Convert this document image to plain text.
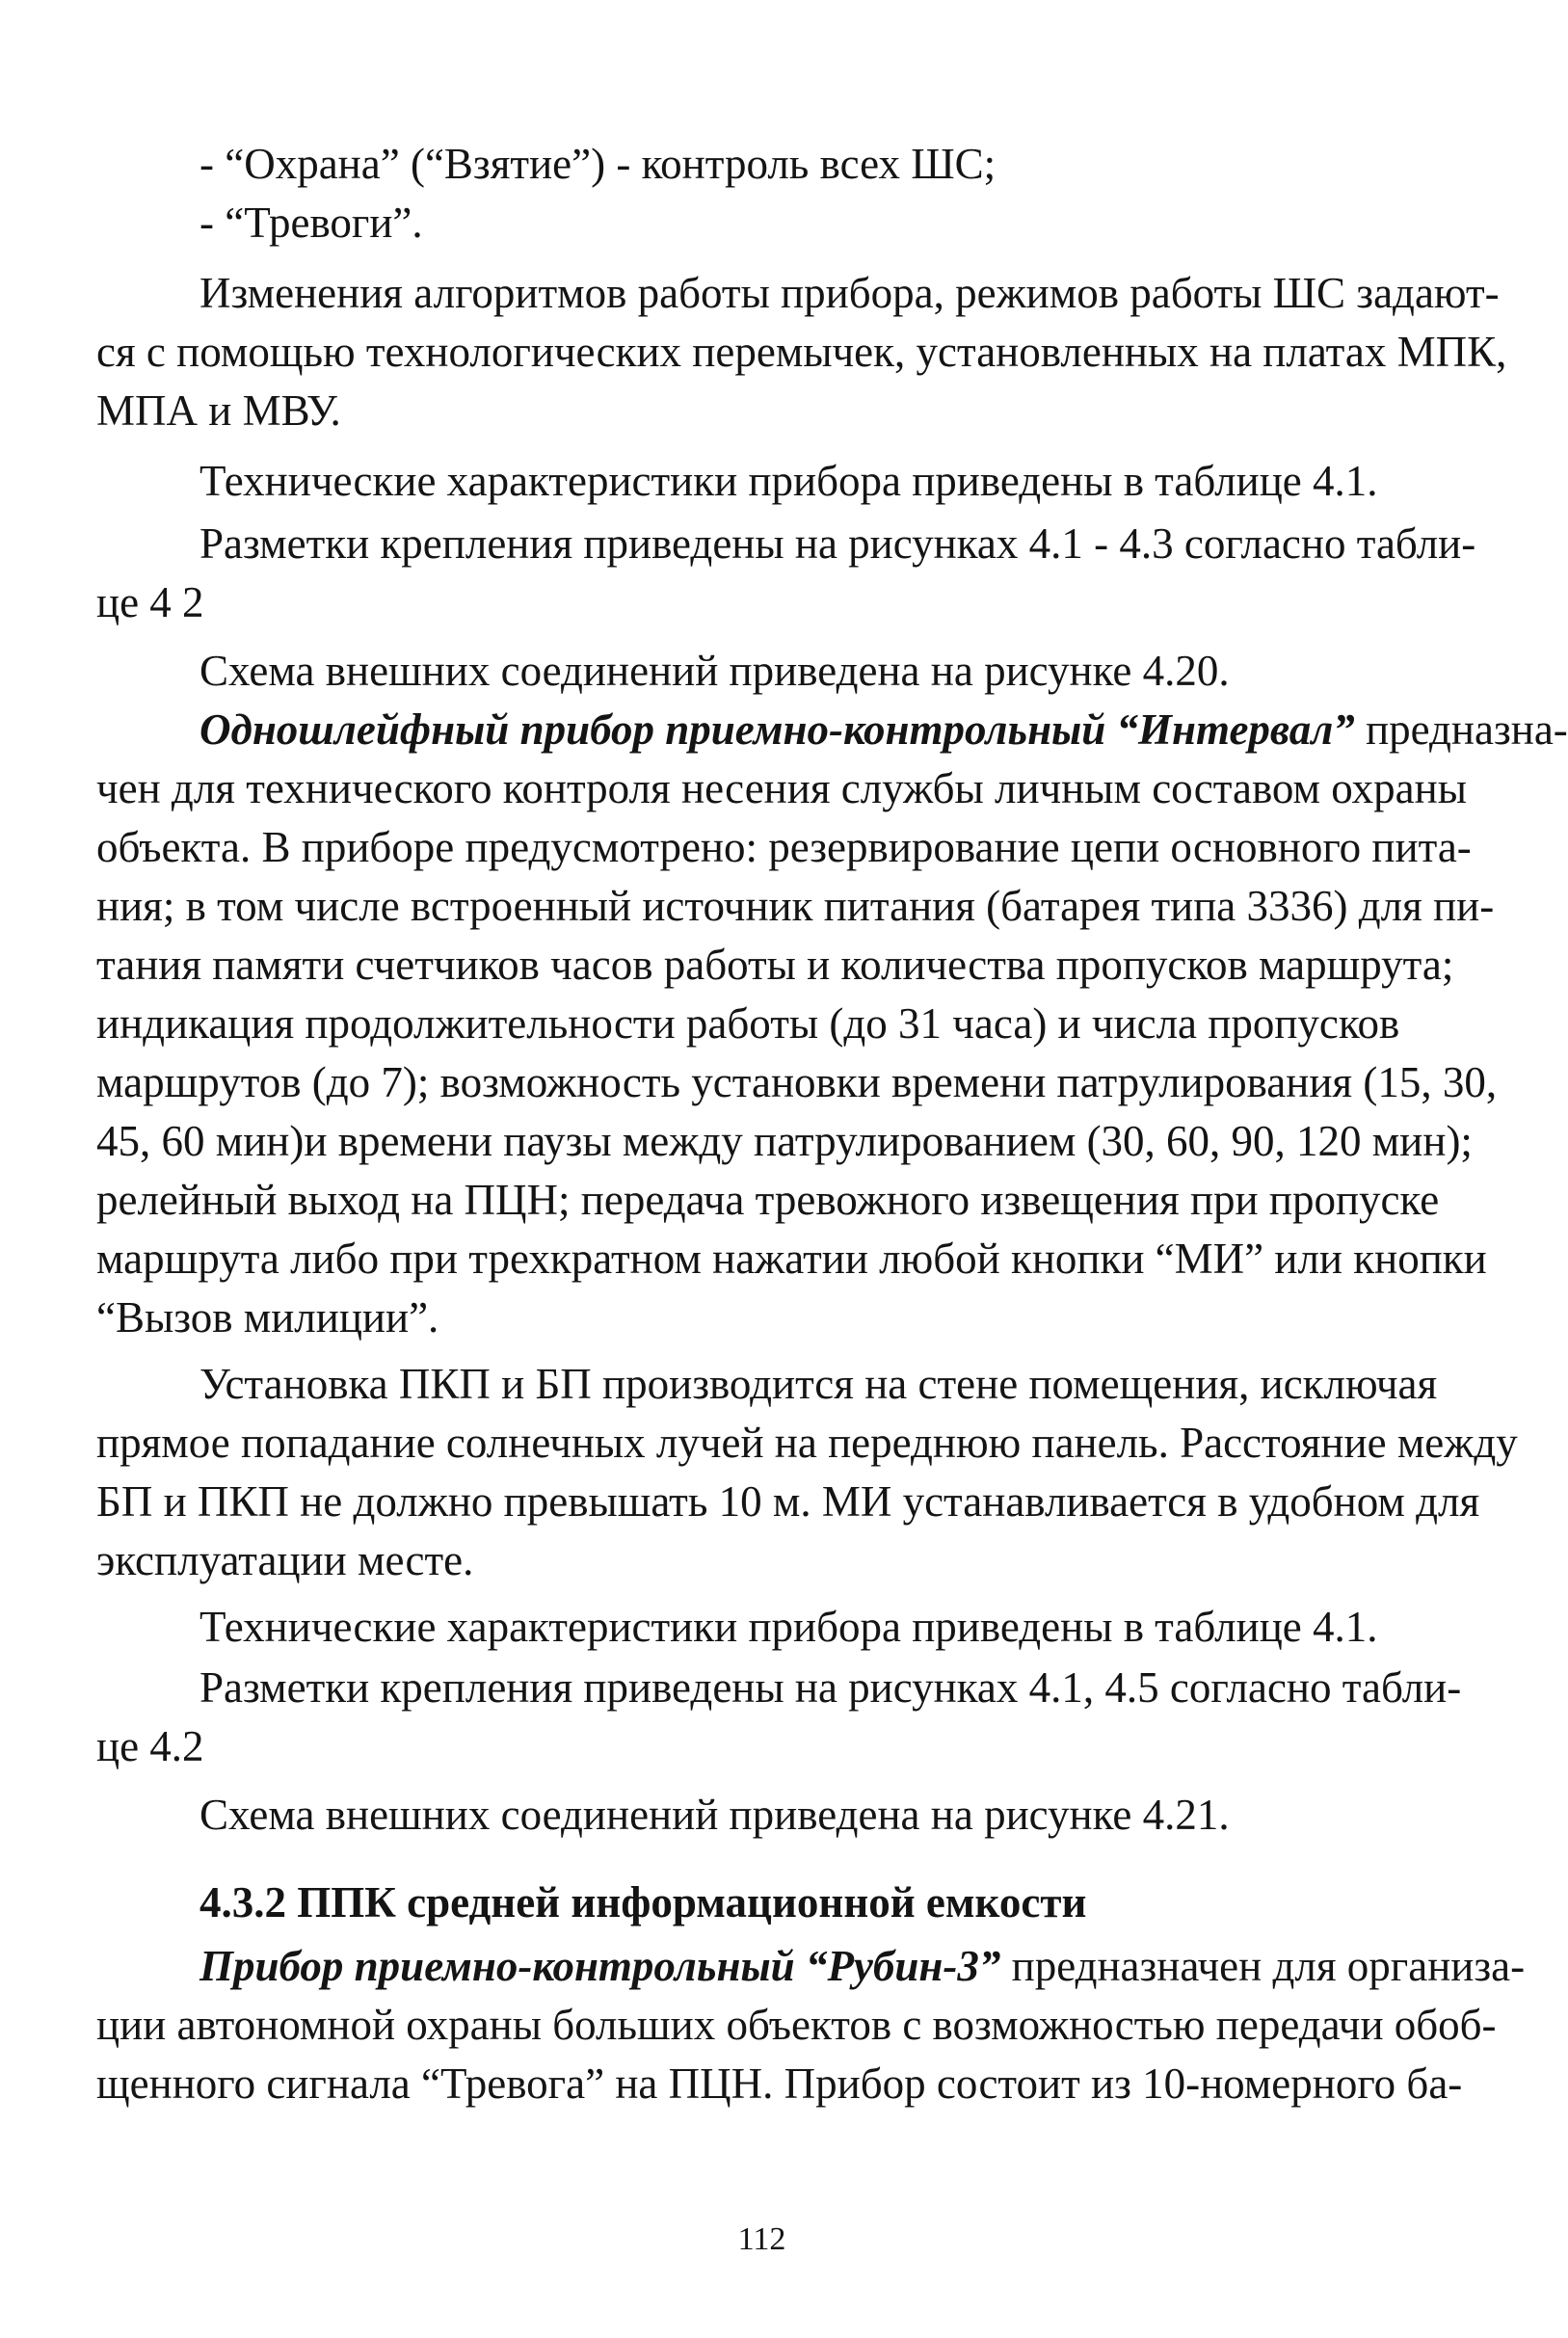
- “Охрана” (“Взятие”) - контроль всех ШС;
- “Тревоги”.
Изменения алгоритмов работы прибора, режимов работы ШС задают-
ся с помощью технологических перемычек, установленных на платах МПК,
МПА и МВУ.
Технические характеристики прибора приведены в таблице 4.1.
Разметки крепления приведены на рисунках 4.1 - 4.3 согласно табли-
це 4 2
Схема внешних соединений приведена на рисунке 4.20.
Одношлейфный прибор приемно-контрольный “Интервал” предназна-
чен для технического контроля несения службы личным составом охраны
объекта. В приборе предусмотрено: резервирование цепи основного пита-
ния; в том числе встроенный источник питания (батарея типа 3336) для пи-
тания памяти счетчиков часов работы и количества пропусков маршрута;
индикация продолжительности работы (до 31 часа) и числа пропусков
маршрутов (до 7); возможность установки времени патрулирования (15, 30,
45, 60 мин)и времени паузы между патрулированием (30, 60, 90, 120 мин);
релейный выход на ПЦН; передача тревожного извещения при пропуске
маршрута либо при трехкратном нажатии любой кнопки “МИ” или кнопки
“Вызов милиции”.
Установка ПКП и БП производится на стене помещения, исключая
прямое попадание солнечных лучей на переднюю панель. Расстояние между
БП и ПКП не должно превышать 10 м. МИ устанавливается в удобном для
эксплуатации месте.
Технические характеристики прибора приведены в таблице 4.1.
Разметки крепления приведены на рисунках 4.1, 4.5 согласно табли-
це 4.2
Схема внешних соединений приведена на рисунке 4.21.
4.3.2 ППК средней информационной емкости
Прибор приемно-контрольный “Рубин-3” предназначен для организа-
ции автономной охраны больших объектов с возможностью передачи обоб-
щенного сигнала “Тревога” на ПЦН. Прибор состоит из 10-номерного ба-
112
